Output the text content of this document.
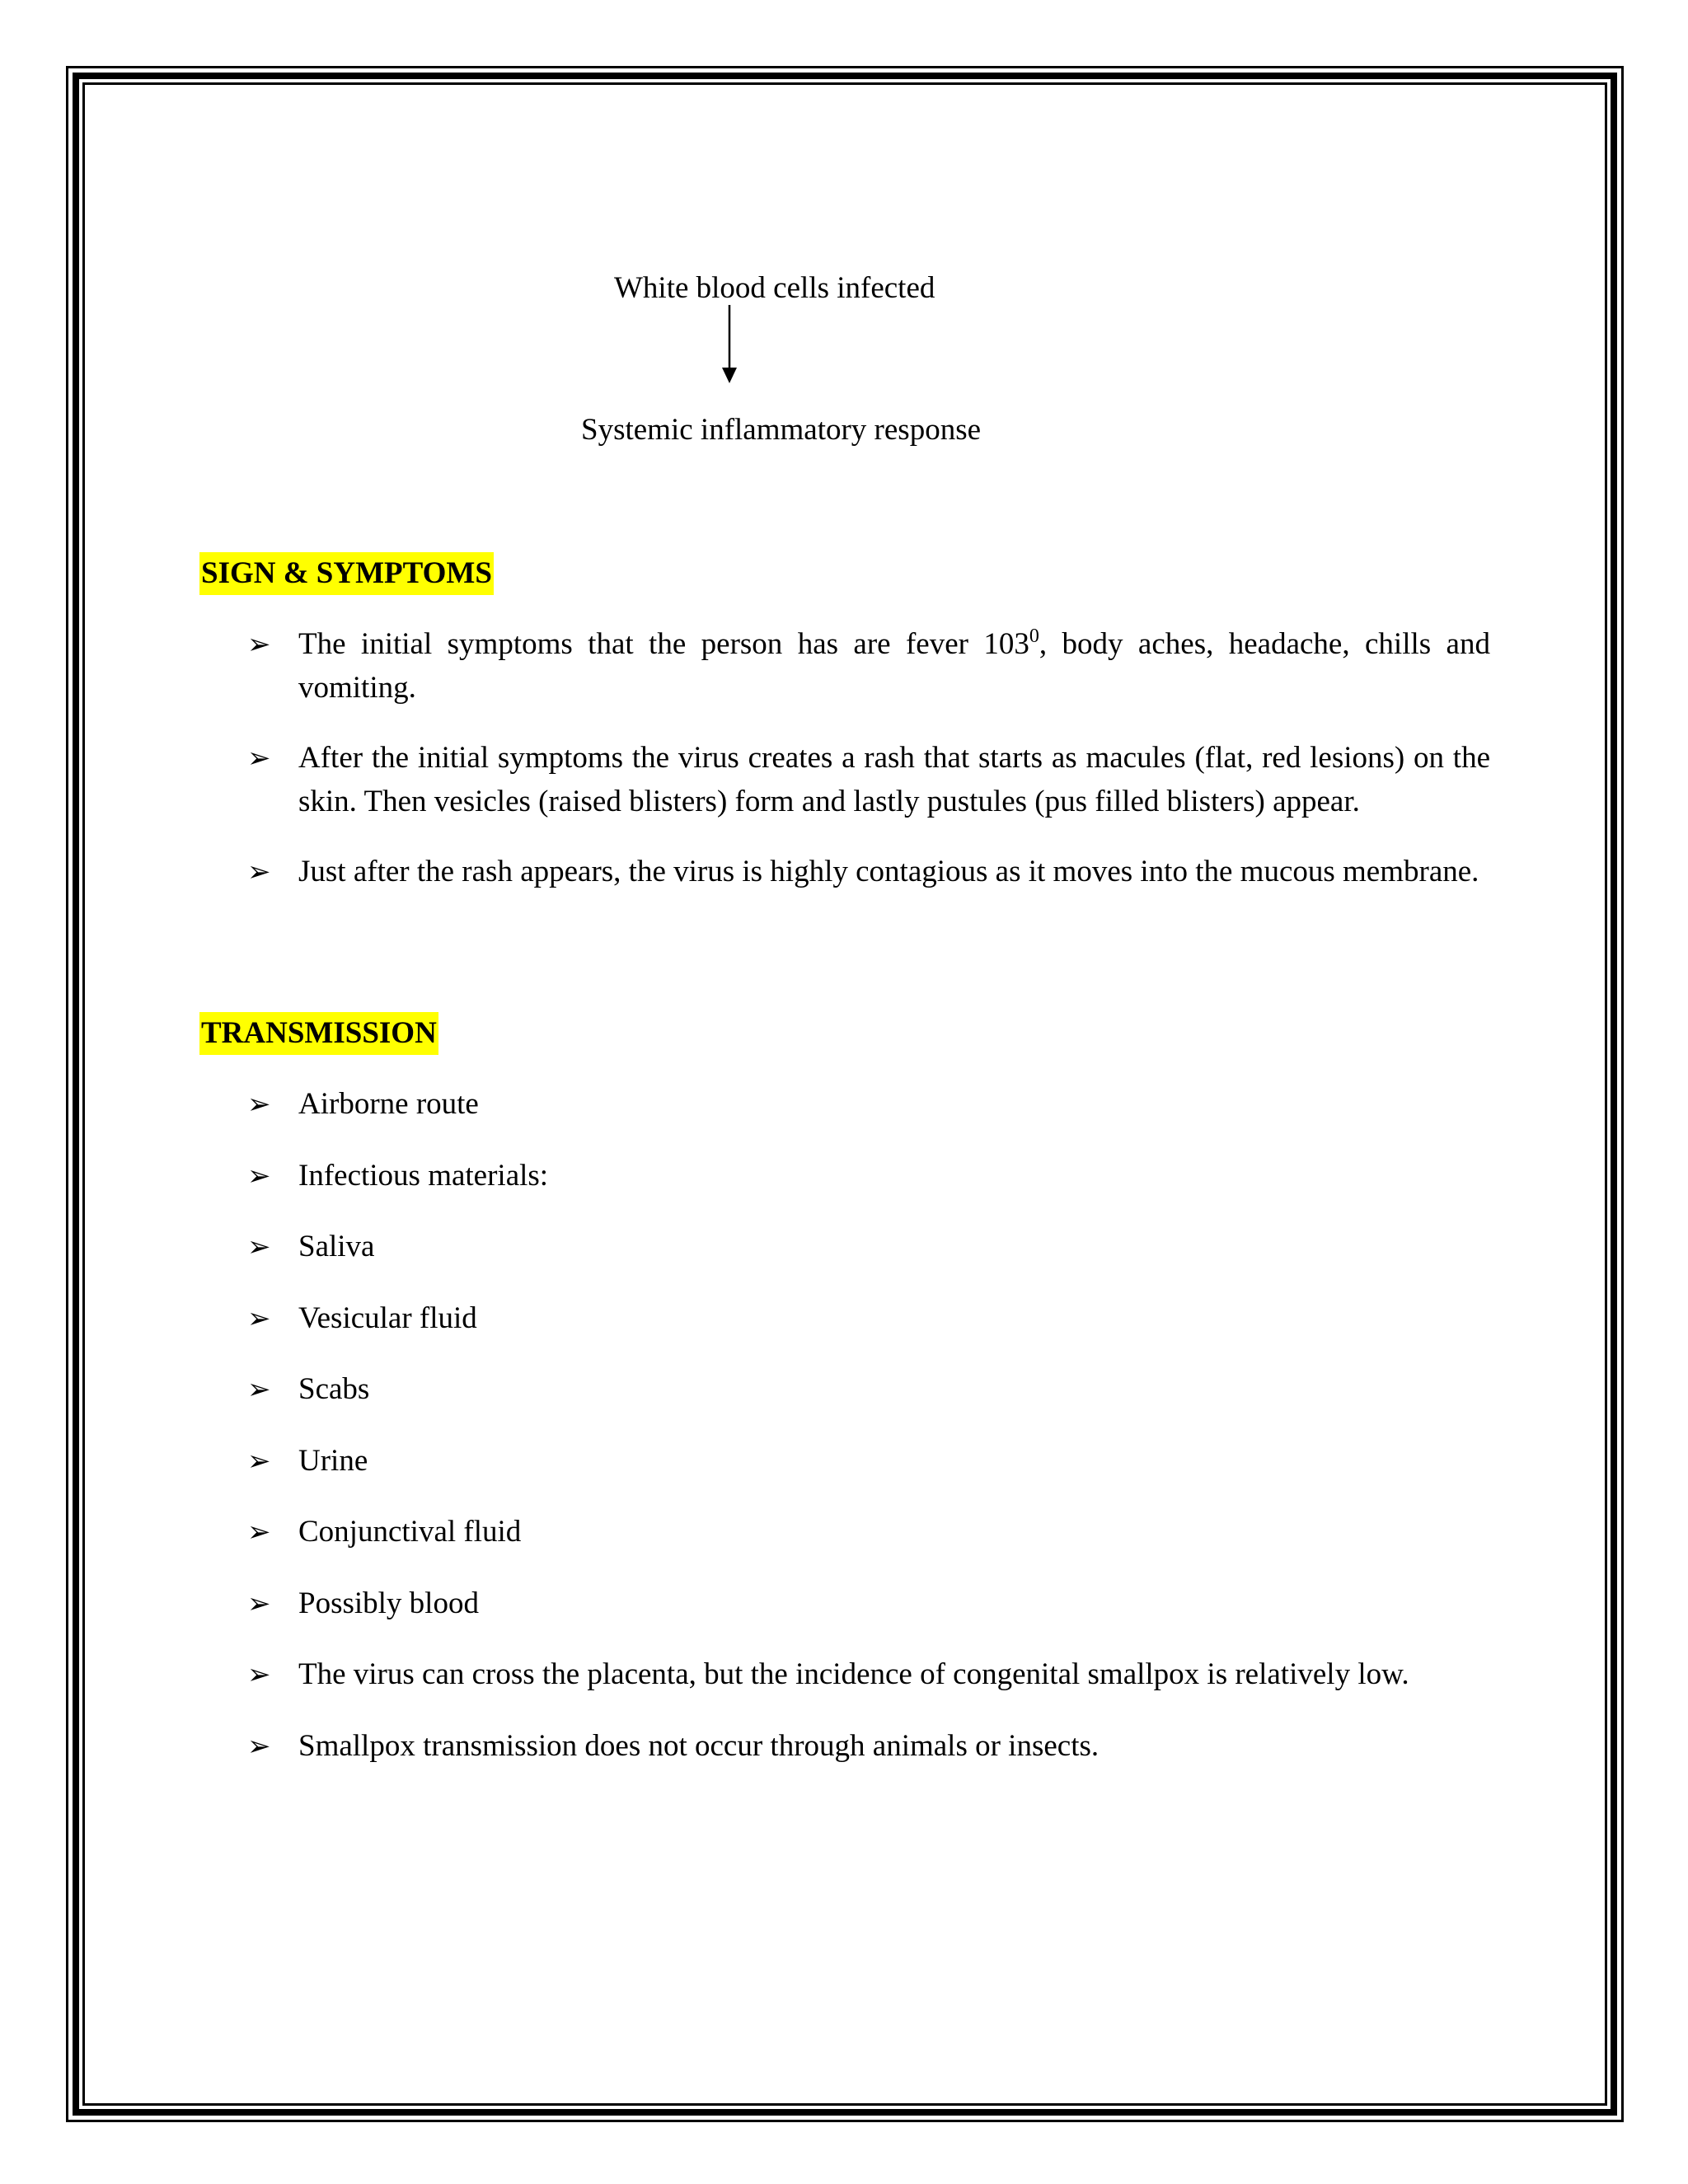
White blood cells infected
Systemic inflammatory response
SIGN & SYMPTOMS
➢ The initial symptoms that the person has are fever $103^0$, body aches, headache, chills and vomiting.
➢ After the initial symptoms the virus creates a rash that starts as macules (flat, red lesions) on the skin. Then vesicles (raised blisters) form and lastly pustules (pus filled blisters) appear.
➢ Just after the rash appears, the virus is highly contagious as it moves into the mucous membrane.
TRANSMISSION
➢ Airborne route
➢ Infectious materials:
➢ Saliva
➢ Vesicular fluid
➢ Scabs
➢ Urine
➢ Conjunctival fluid
➢ Possibly blood
➢ The virus can cross the placenta, but the incidence of congenital smallpox is relatively low.
➢ Smallpox transmission does not occur through animals or insects.
